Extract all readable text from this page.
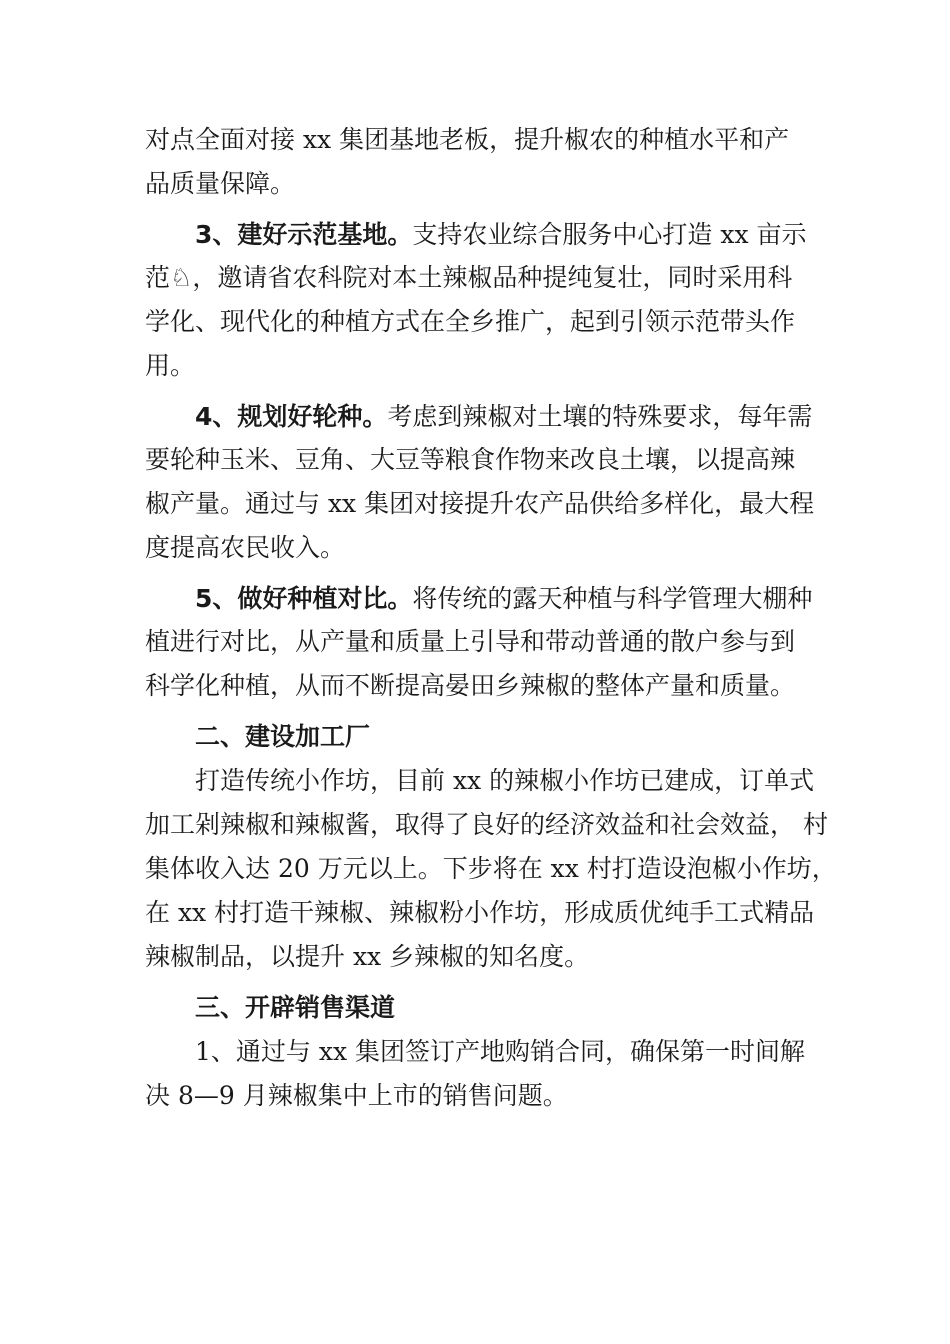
对点全面对接 xx 集团基地老板，提升椒农的种植水平和产
品质量保障。
3、建好示范基地。支持农业综合服务中心打造 xx 亩示
范♘，邀请省农科院对本土辣椒品种提纯复壮，同时采用科
学化、现代化的种植方式在全乡推广，起到引领示范带头作
用。
4、规划好轮种。考虑到辣椒对土壤的特殊要求，每年需
要轮种玉米、豆角、大豆等粮食作物来改良土壤，以提高辣
椒产量。通过与 xx 集团对接提升农产品供给多样化，最大程
度提高农民收入。
5、做好种植对比。将传统的露天种植与科学管理大棚种
植进行对比，从产量和质量上引导和带动普通的散户参与到
科学化种植，从而不断提高晏田乡辣椒的整体产量和质量。
二、建设加工厂
打造传统小作坊，目前 xx 的辣椒小作坊已建成，订单式
加工剁辣椒和辣椒酱，取得了良好的经济效益和社会效益， 村
集体收入达 20 万元以上。下步将在 xx 村打造设泡椒小作坊，
在 xx 村打造干辣椒、辣椒粉小作坊，形成质优纯手工式精品
辣椒制品，以提升 xx 乡辣椒的知名度。
三、开辟销售渠道
1、通过与 xx 集团签订产地购销合同，确保第一时间解
决 8—9 月辣椒集中上市的销售问题。
